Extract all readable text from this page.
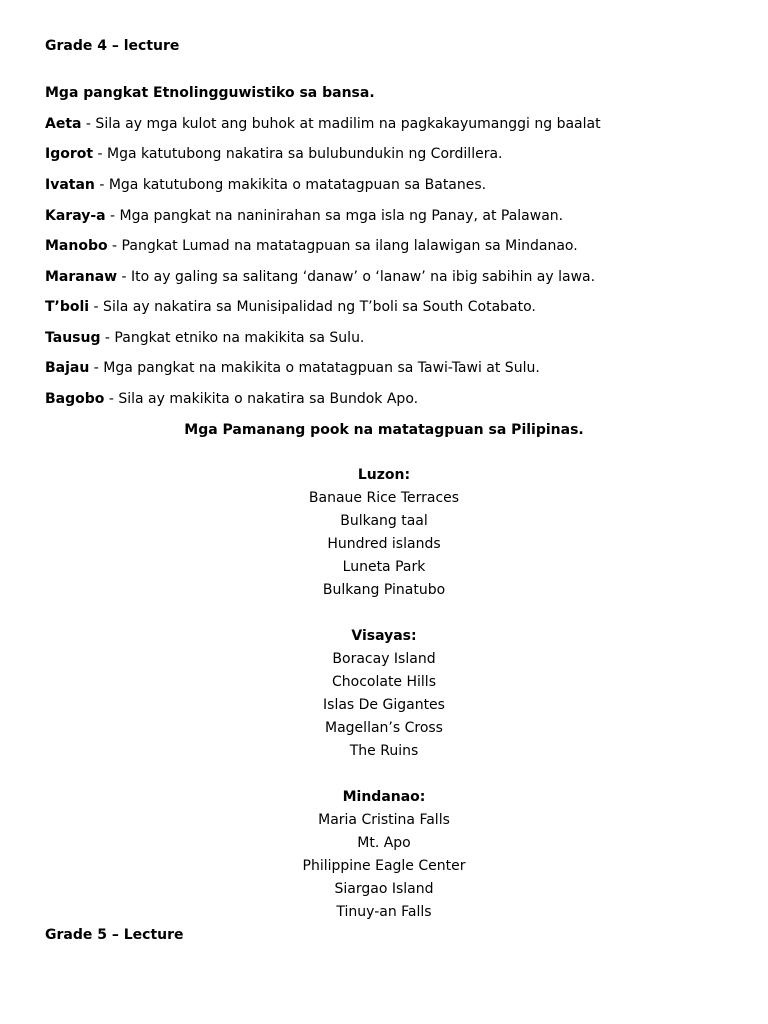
Grade 4 – lecture
Mga pangkat Etnolingguwistiko sa bansa.
Aeta - Sila ay mga kulot ang buhok at madilim na pagkakayumanggi ng baalat
Igorot - Mga katutubong nakatira sa bulubundukin ng Cordillera.
Ivatan - Mga katutubong makikita o matatagpuan sa Batanes.
Karay-a - Mga pangkat na naninirahan sa mga isla ng Panay, at Palawan.
Manobo - Pangkat Lumad na matatagpuan sa ilang lalawigan sa Mindanao.
Maranaw - Ito ay galing sa salitang ‘danaw’ o ‘lanaw’ na ibig sabihin ay lawa.
T’boli - Sila ay nakatira sa Munisipalidad ng T’boli sa South Cotabato.
Tausug - Pangkat etniko na makikita sa Sulu.
Bajau - Mga pangkat na makikita o matatagpuan sa Tawi-Tawi at Sulu.
Bagobo - Sila ay makikita o nakatira sa Bundok Apo.
Mga Pamanang pook na matatagpuan sa Pilipinas.
Luzon:
Banaue Rice Terraces
Bulkang taal
Hundred islands
Luneta Park
Bulkang Pinatubo
Visayas:
Boracay Island
Chocolate Hills
Islas De Gigantes
Magellan’s Cross
The Ruins
Mindanao:
Maria Cristina Falls
Mt. Apo
Philippine Eagle Center
Siargao Island
Tinuy-an Falls
Grade 5 – Lecture
